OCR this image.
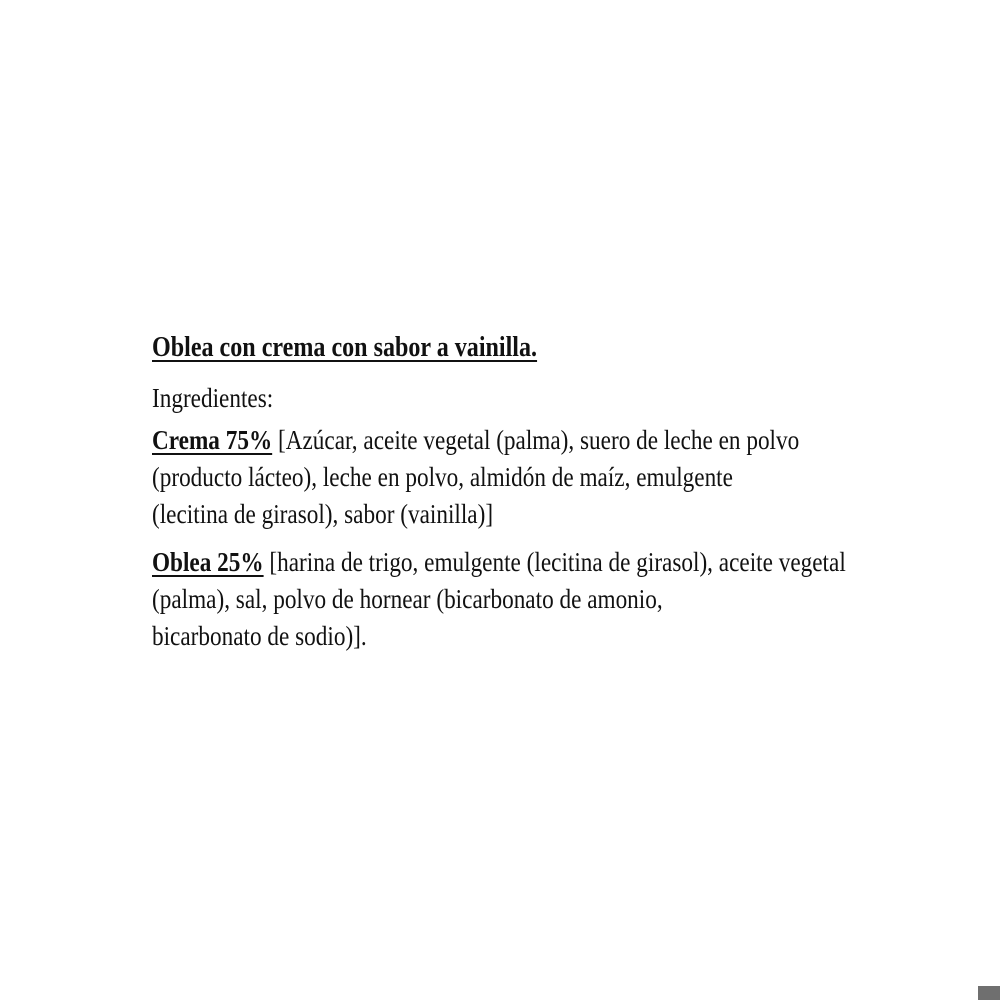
Oblea con crema con sabor a vainilla.

Ingredientes:

Crema 75% [Azúcar, aceite vegetal (palma), suero de leche en polvo
(producto lácteo), leche en polvo, almidón de maíz, emulgente
(lecitina de girasol), sabor (vainilla)]

Oblea 25% [harina de trigo, emulgente (lecitina de girasol), aceite vegetal
(palma), sal, polvo de hornear (bicarbonato de amonio,
bicarbonato de sodio)].
